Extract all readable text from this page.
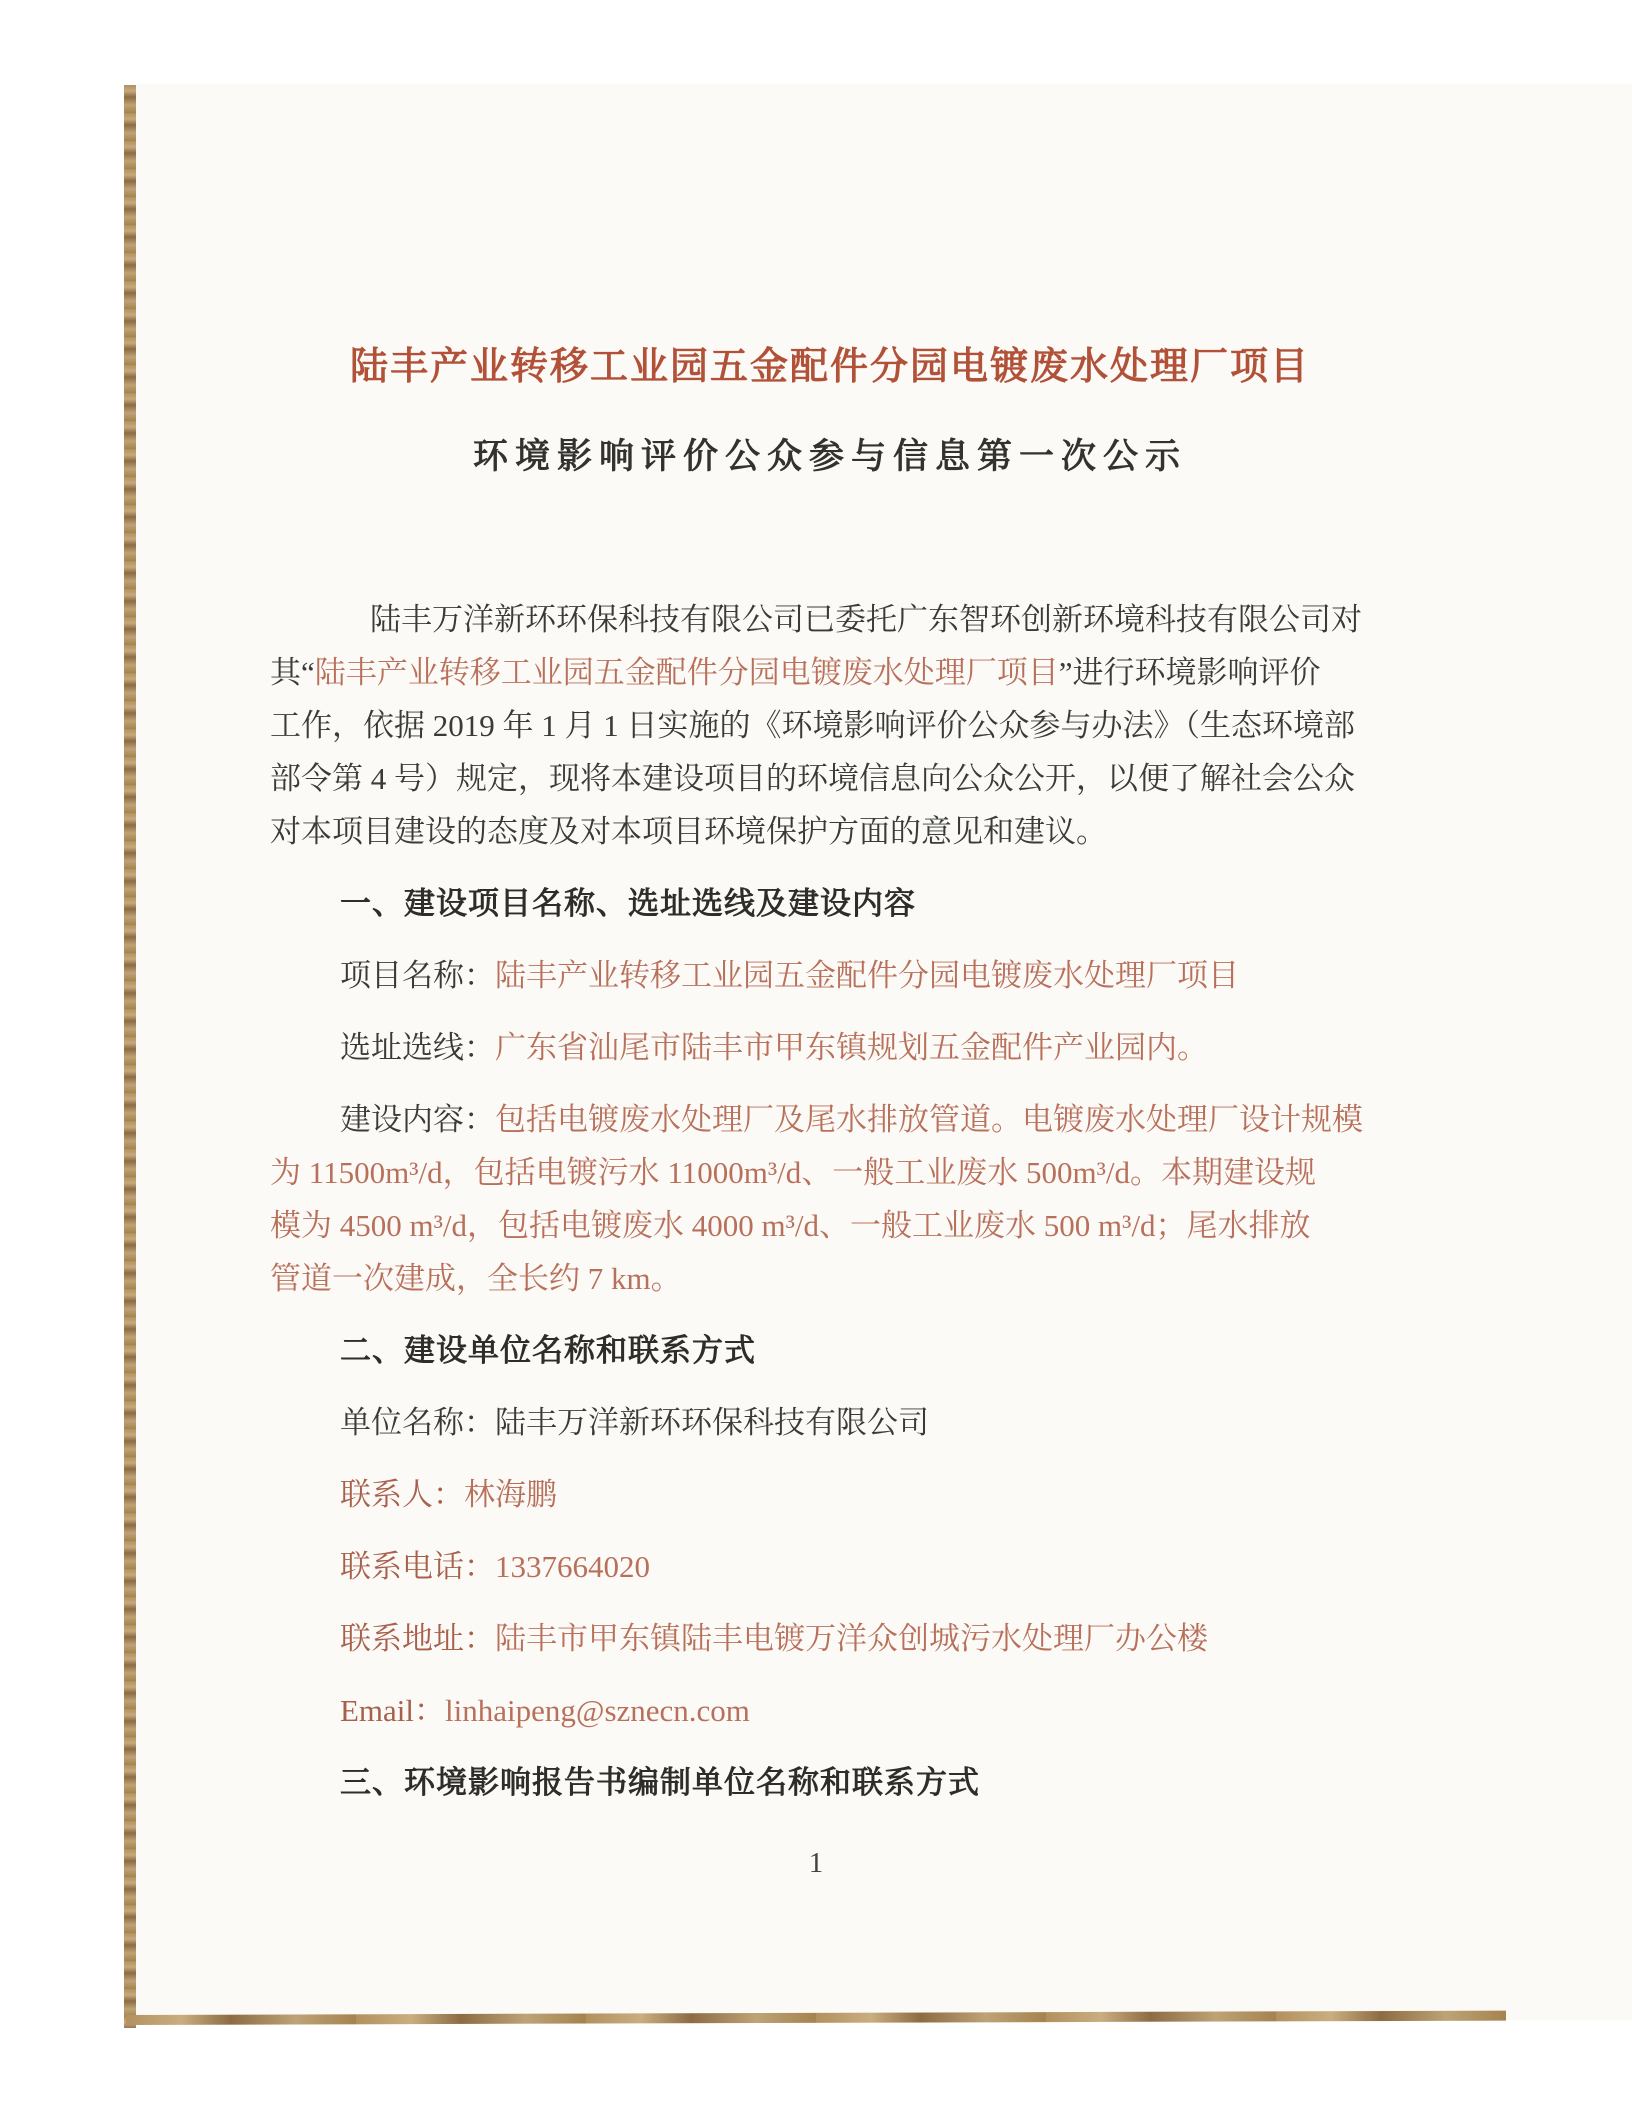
陆丰产业转移工业园五金配件分园电镀废水处理厂项目
环境影响评价公众参与信息第一次公示
陆丰万洋新环环保科技有限公司已委托广东智环创新环境科技有限公司对
其“陆丰产业转移工业园五金配件分园电镀废水处理厂项目”进行环境影响评价
工作，依据 2019 年 1 月 1 日实施的《环境影响评价公众参与办法》（生态环境部
部令第 4 号）规定，现将本建设项目的环境信息向公众公开，以便了解社会公众
对本项目建设的态度及对本项目环境保护方面的意见和建议。
一、建设项目名称、选址选线及建设内容
项目名称：陆丰产业转移工业园五金配件分园电镀废水处理厂项目
选址选线：广东省汕尾市陆丰市甲东镇规划五金配件产业园内。
建设内容：包括电镀废水处理厂及尾水排放管道。电镀废水处理厂设计规模
为 11500m³/d，包括电镀污水 11000m³/d、一般工业废水 500m³/d。本期建设规
模为 4500 m³/d，包括电镀废水 4000 m³/d、一般工业废水 500 m³/d；尾水排放
管道一次建成，全长约 7 km。
二、建设单位名称和联系方式
单位名称：陆丰万洋新环环保科技有限公司
联系人：林海鹏
联系电话：1337664020
联系地址：陆丰市甲东镇陆丰电镀万洋众创城污水处理厂办公楼
Email：linhaipeng@sznecn.com
三、环境影响报告书编制单位名称和联系方式
1
